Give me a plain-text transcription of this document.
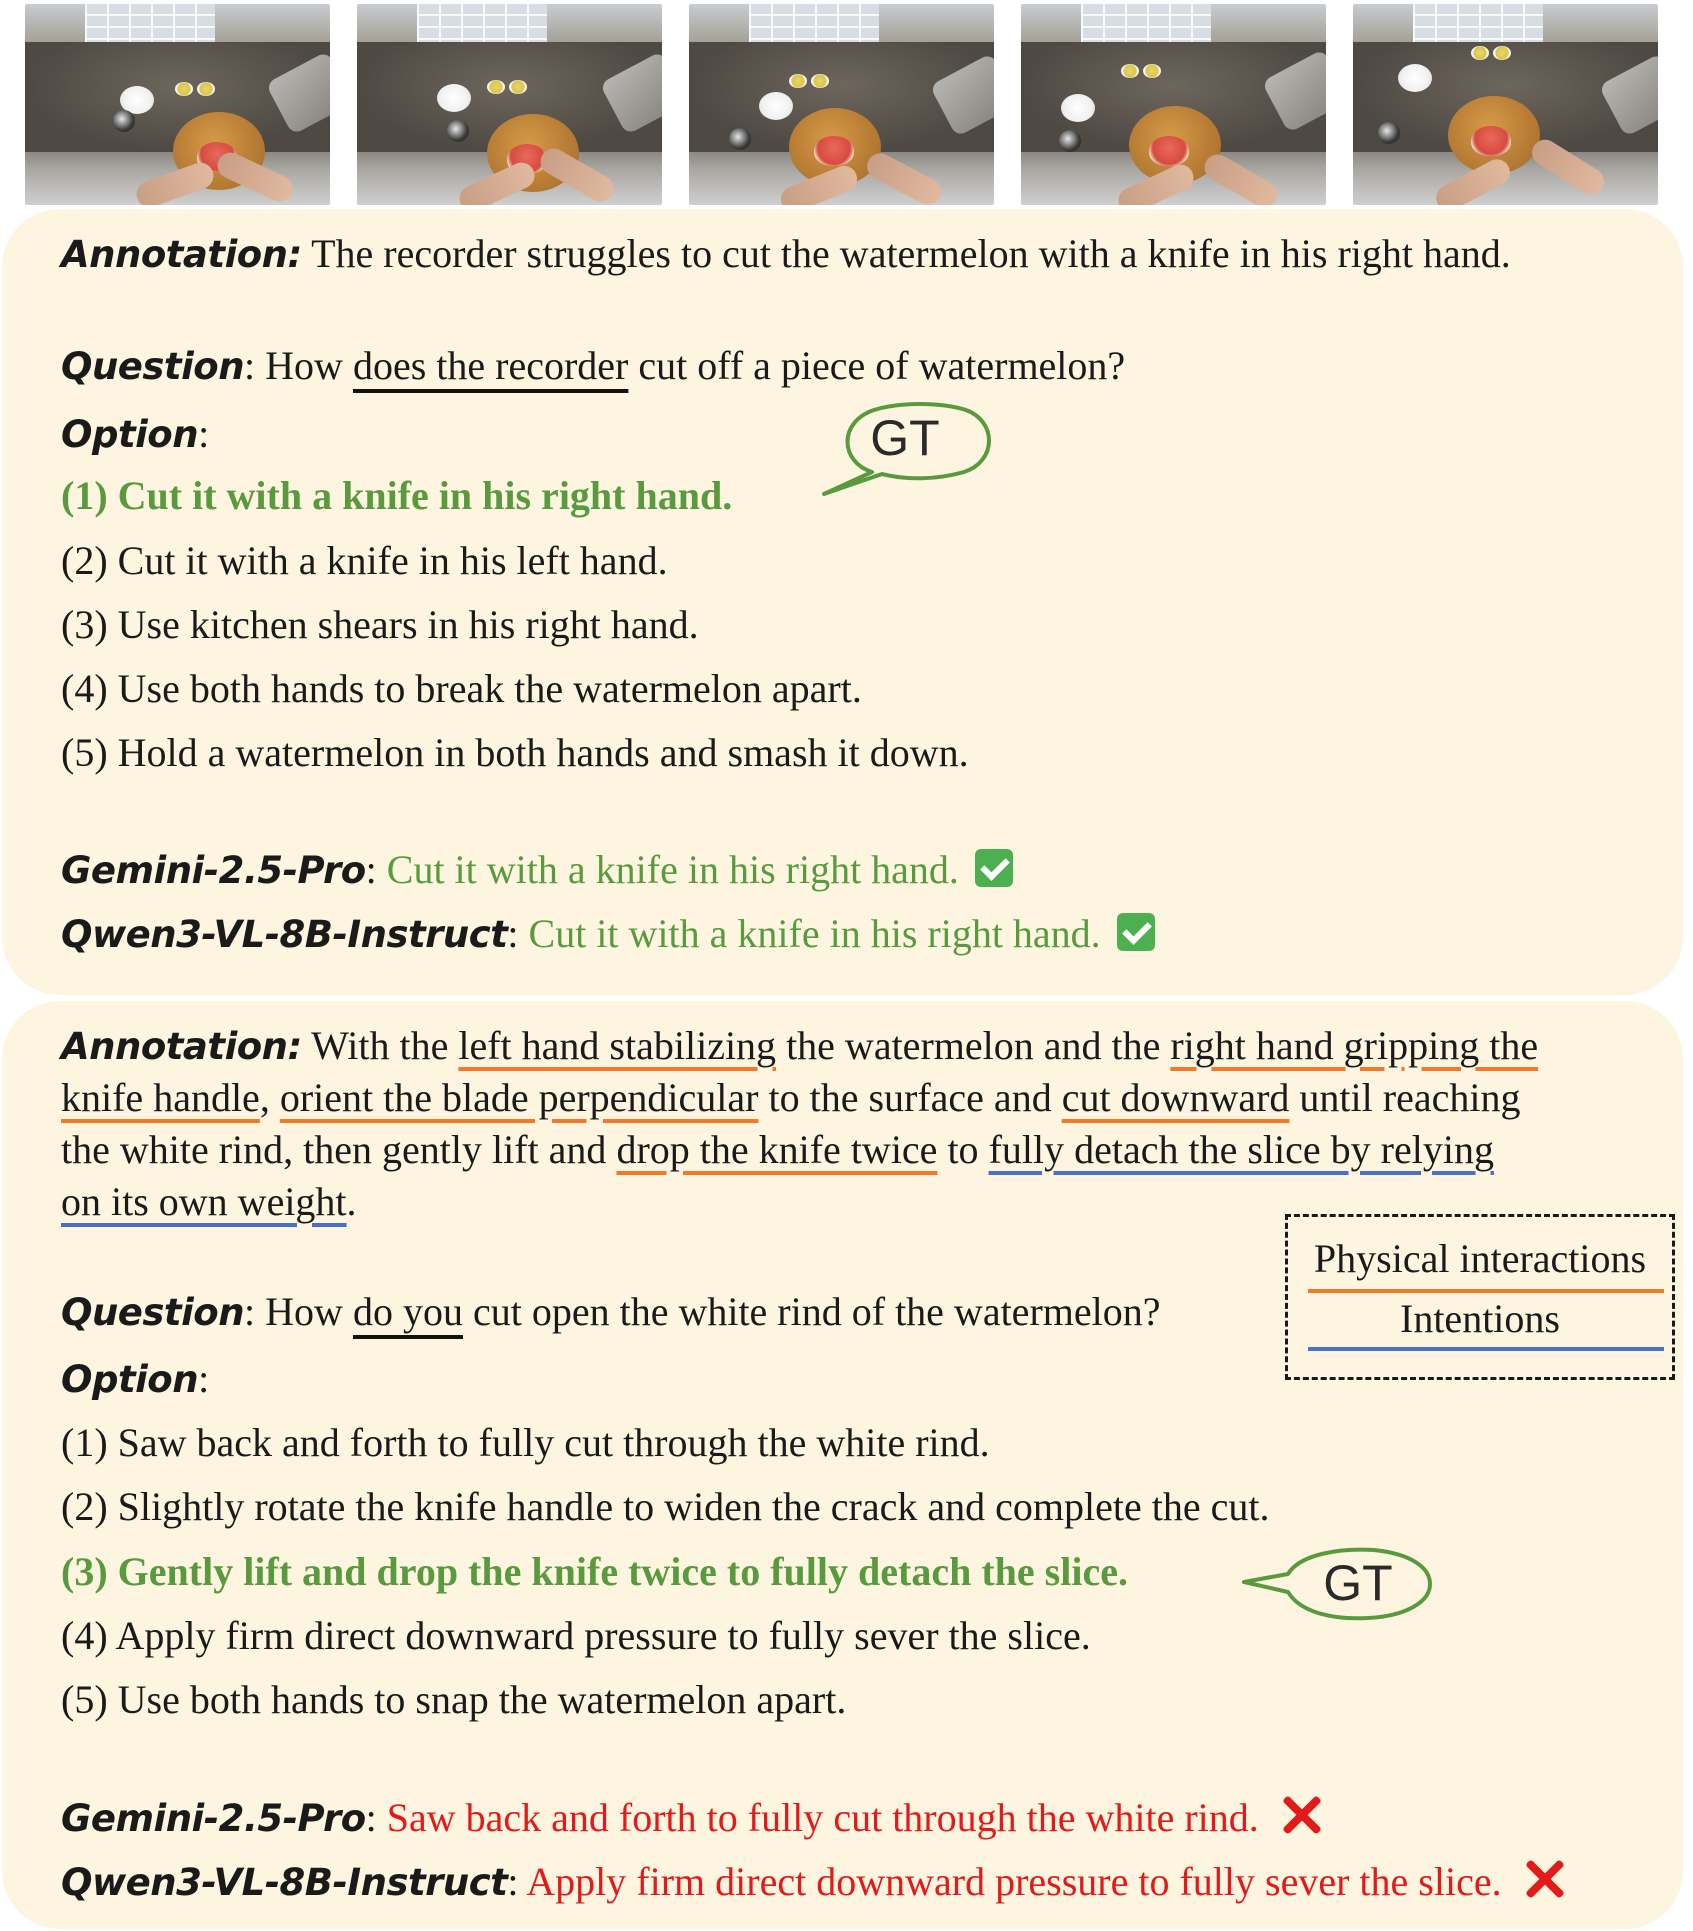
Annotation: The recorder struggles to cut the watermelon with a knife in his right hand.
Question: How does the recorder cut off a piece of watermelon?
Option:
(1) Cut it with a knife in his right hand.
(2) Cut it with a knife in his left hand.
(3) Use kitchen shears in his right hand.
(4) Use both hands to break the watermelon apart.
(5) Hold a watermelon in both hands and smash it down.
GT
Gemini-2.5-Pro: Cut it with a knife in his right hand.
Qwen3-VL-8B-Instruct: Cut it with a knife in his right hand.
Annotation: With the left hand stabilizing the watermelon and the right hand gripping the
knife handle, orient the blade perpendicular to the surface and cut downward until reaching
the white rind, then gently lift and drop the knife twice to fully detach the slice by relying
on its own weight.
Question: How do you cut open the white rind of the watermelon?
Option:
(1) Saw back and forth to fully cut through the white rind.
(2) Slightly rotate the knife handle to widen the crack and complete the cut.
(3) Gently lift and drop the knife twice to fully detach the slice.
(4) Apply firm direct downward pressure to fully sever the slice.
(5) Use both hands to snap the watermelon apart.
GT
Physical interactions
Intentions
Gemini-2.5-Pro: Saw back and forth to fully cut through the white rind.
Qwen3-VL-8B-Instruct: Apply firm direct downward pressure to fully sever the slice.
